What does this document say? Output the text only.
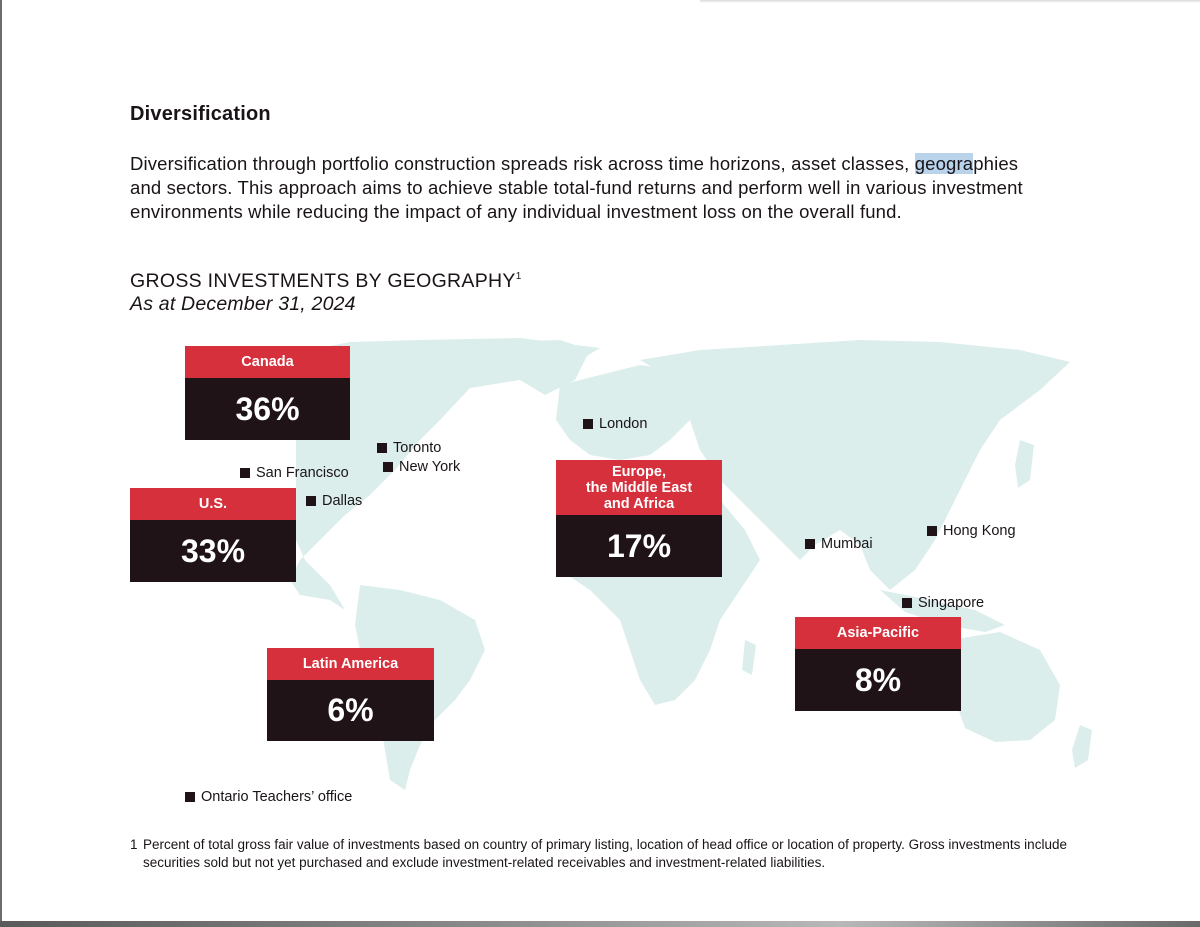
Diversification
Diversification through portfolio construction spreads risk across time horizons, asset classes, geographies and sectors. This approach aims to achieve stable total-fund returns and perform well in various investment environments while reducing the impact of any individual investment loss on the overall fund.
GROSS INVESTMENTS BY GEOGRAPHY$^1$
As at December 31, 2024
Canada
36%
U.S.
33%
Europe,
the Middle East
and Africa
17%
Latin America
6%
Asia-Pacific
8%
Toronto
New York
San Francisco
Dallas
London
Mumbai
Hong Kong
Singapore
Ontario Teachers’ office
1 Percent of total gross fair value of investments based on country of primary listing, location of head office or location of property. Gross investments include securities sold but not yet purchased and exclude investment-related receivables and investment-related liabilities.
